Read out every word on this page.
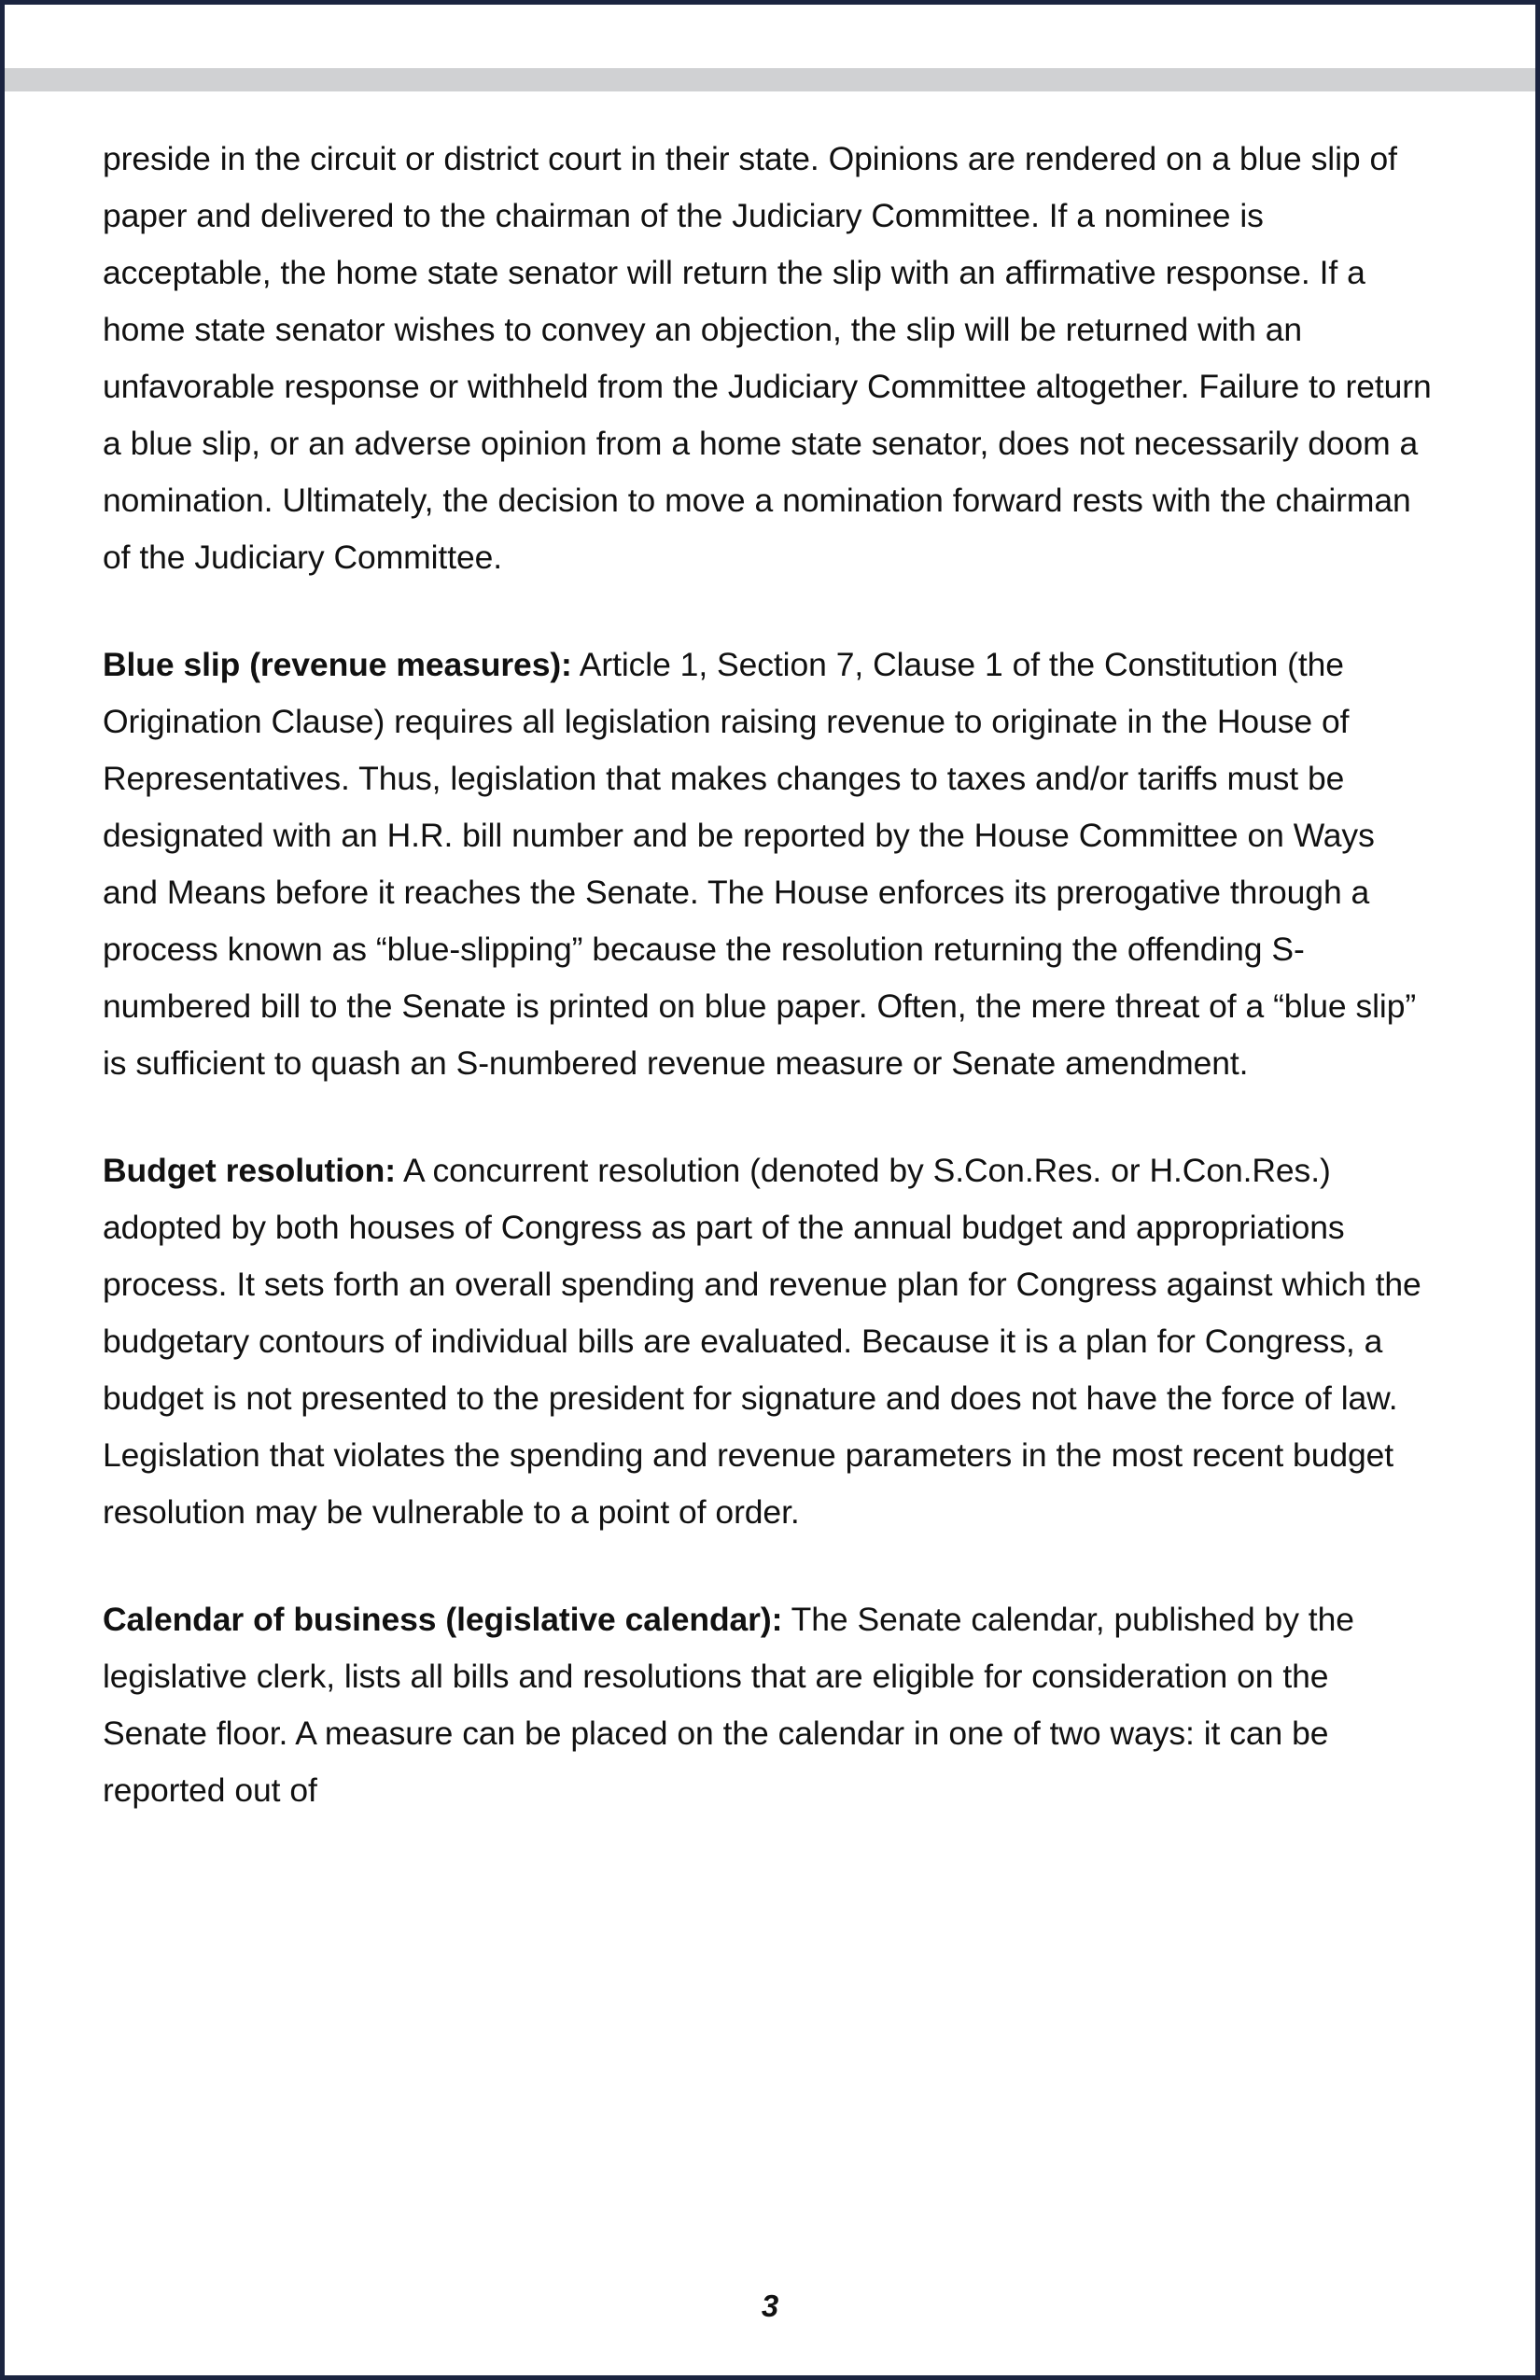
preside in the circuit or district court in their state. Opinions are rendered on a blue slip of paper and delivered to the chairman of the Judiciary Committee. If a nominee is acceptable, the home state senator will return the slip with an affirmative response. If a home state senator wishes to convey an objection, the slip will be returned with an unfavorable response or withheld from the Judiciary Committee altogether. Failure to return a blue slip, or an adverse opinion from a home state senator, does not necessarily doom a nomination. Ultimately, the decision to move a nomination forward rests with the chairman of the Judiciary Committee.

Blue slip (revenue measures): Article 1, Section 7, Clause 1 of the Constitution (the Origination Clause) requires all legislation raising revenue to originate in the House of Representatives. Thus, legislation that makes changes to taxes and/or tariffs must be designated with an H.R. bill number and be reported by the House Committee on Ways and Means before it reaches the Senate. The House enforces its prerogative through a process known as “blue-slipping” because the resolution returning the offending S-numbered bill to the Senate is printed on blue paper. Often, the mere threat of a “blue slip” is sufficient to quash an S-numbered revenue measure or Senate amendment.

Budget resolution: A concurrent resolution (denoted by S.Con.Res. or H.Con.Res.) adopted by both houses of Congress as part of the annual budget and appropriations process. It sets forth an overall spending and revenue plan for Congress against which the budgetary contours of individual bills are evaluated. Because it is a plan for Congress, a budget is not presented to the president for signature and does not have the force of law. Legislation that violates the spending and revenue parameters in the most recent budget resolution may be vulnerable to a point of order.

Calendar of business (legislative calendar): The Senate calendar, published by the legislative clerk, lists all bills and resolutions that are eligible for consideration on the Senate floor. A measure can be placed on the calendar in one of two ways: it can be reported out of

3
